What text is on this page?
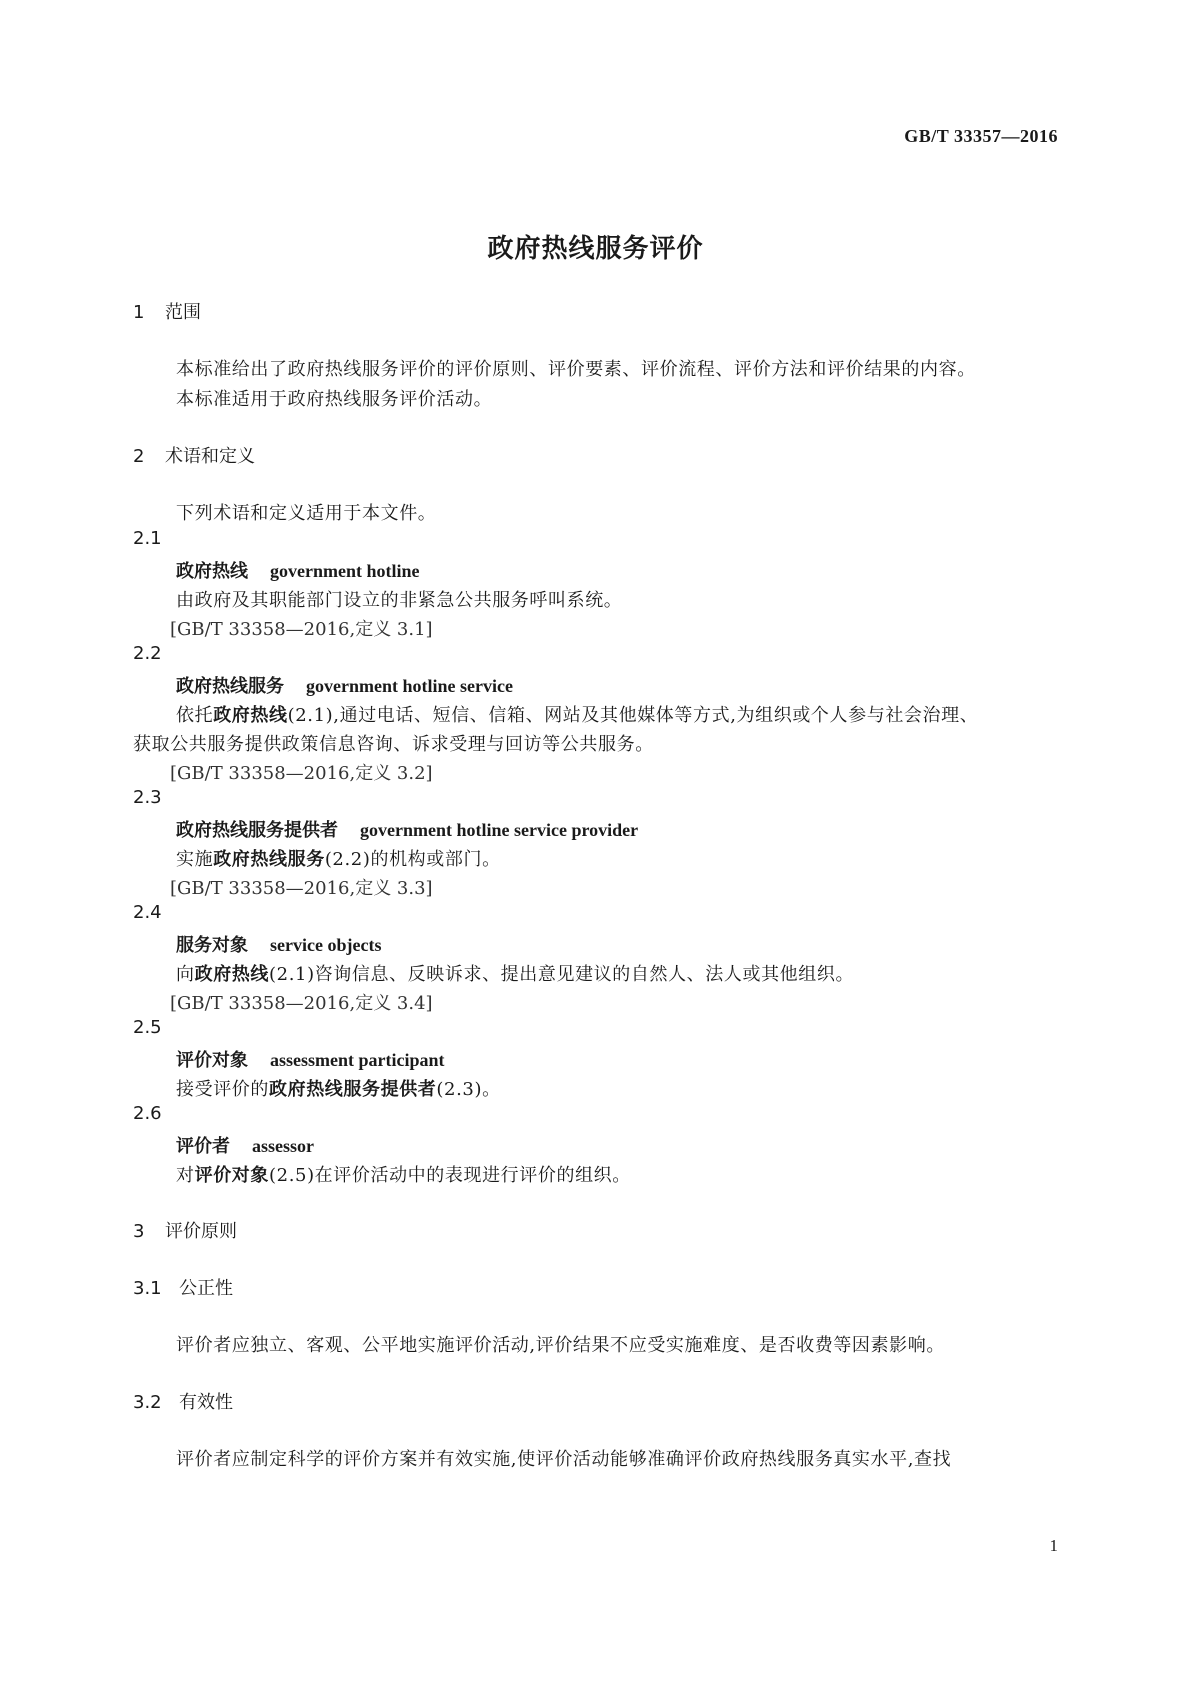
GB/T 33357—2016
政府热线服务评价
1 范围
本标准给出了政府热线服务评价的评价原则、评价要素、评价流程、评价方法和评价结果的内容。
本标准适用于政府热线服务评价活动。
2 术语和定义
下列术语和定义适用于本文件。
2.1
政府热线 government hotline
由政府及其职能部门设立的非紧急公共服务呼叫系统。
[GB/T 33358—2016,定义 3.1]
2.2
政府热线服务 government hotline service
依托政府热线(2.1),通过电话、短信、信箱、网站及其他媒体等方式,为组织或个人参与社会治理、
获取公共服务提供政策信息咨询、诉求受理与回访等公共服务。
[GB/T 33358—2016,定义 3.2]
2.3
政府热线服务提供者 government hotline service provider
实施政府热线服务(2.2)的机构或部门。
[GB/T 33358—2016,定义 3.3]
2.4
服务对象 service objects
向政府热线(2.1)咨询信息、反映诉求、提出意见建议的自然人、法人或其他组织。
[GB/T 33358—2016,定义 3.4]
2.5
评价对象 assessment participant
接受评价的政府热线服务提供者(2.3)。
2.6
评价者 assessor
对评价对象(2.5)在评价活动中的表现进行评价的组织。
3 评价原则
3.1 公正性
评价者应独立、客观、公平地实施评价活动,评价结果不应受实施难度、是否收费等因素影响。
3.2 有效性
评价者应制定科学的评价方案并有效实施,使评价活动能够准确评价政府热线服务真实水平,查找
1
